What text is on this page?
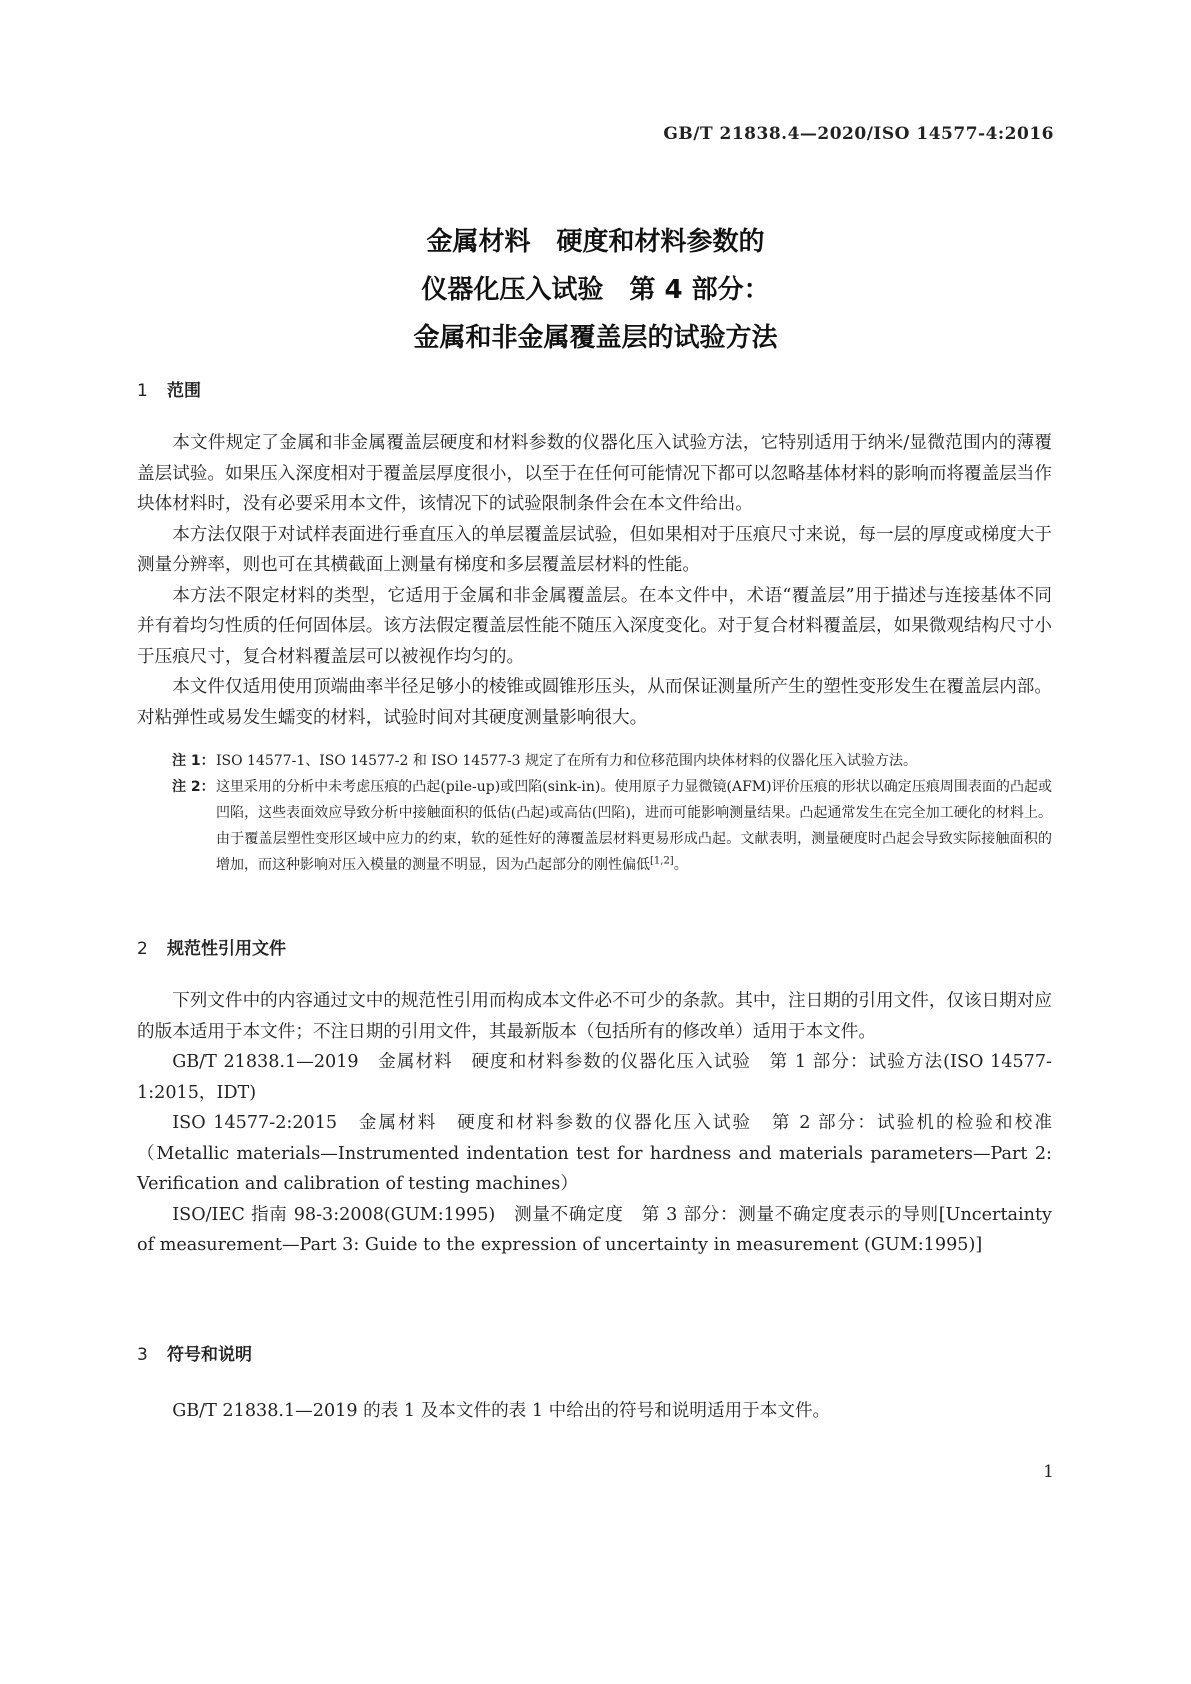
GB/T 21838.4—2020/ISO 14577-4:2016
金属材料　硬度和材料参数的
仪器化压入试验　第 4 部分：
金属和非金属覆盖层的试验方法
1 范围

本文件规定了金属和非金属覆盖层硬度和材料参数的仪器化压入试验方法，它特别适用于纳米/显微范围内的薄覆盖层试验。如果压入深度相对于覆盖层厚度很小，以至于在任何可能情况下都可以忽略基体材料的影响而将覆盖层当作块体材料时，没有必要采用本文件，该情况下的试验限制条件会在本文件给出。

本方法仅限于对试样表面进行垂直压入的单层覆盖层试验，但如果相对于压痕尺寸来说，每一层的厚度或梯度大于测量分辨率，则也可在其横截面上测量有梯度和多层覆盖层材料的性能。

本方法不限定材料的类型，它适用于金属和非金属覆盖层。在本文件中，术语“覆盖层”用于描述与连接基体不同并有着均匀性质的任何固体层。该方法假定覆盖层性能不随压入深度变化。对于复合材料覆盖层，如果微观结构尺寸小于压痕尺寸，复合材料覆盖层可以被视作均匀的。

本文件仅适用使用顶端曲率半径足够小的棱锥或圆锥形压头，从而保证测量所产生的塑性变形发生在覆盖层内部。对粘弹性或易发生蠕变的材料，试验时间对其硬度测量影响很大。

注 1： ISO 14577-1、ISO 14577-2 和 ISO 14577-3 规定了在所有力和位移范围内块体材料的仪器化压入试验方法。
注 2： 这里采用的分析中未考虑压痕的凸起(pile-up)或凹陷(sink-in)。使用原子力显微镜(AFM)评价压痕的形状以确定压痕周围表面的凸起或凹陷，这些表面效应导致分析中接触面积的低估(凸起)或高估(凹陷)，进而可能影响测量结果。凸起通常发生在完全加工硬化的材料上。由于覆盖层塑性变形区域中应力的约束，软的延性好的薄覆盖层材料更易形成凸起。文献表明，测量硬度时凸起会导致实际接触面积的增加，而这种影响对压入模量的测量不明显，因为凸起部分的刚性偏低[1,2]。
2 规范性引用文件

下列文件中的内容通过文中的规范性引用而构成本文件必不可少的条款。其中，注日期的引用文件，仅该日期对应的版本适用于本文件；不注日期的引用文件，其最新版本（包括所有的修改单）适用于本文件。

GB/T 21838.1—2019　金属材料　硬度和材料参数的仪器化压入试验　第 1 部分：试验方法(ISO 14577-1:2015，IDT)

ISO 14577-2:2015　金属材料　硬度和材料参数的仪器化压入试验　第 2 部分：试验机的检验和校准（Metallic materials—Instrumented indentation test for hardness and materials parameters—Part 2: Verification and calibration of testing machines）

ISO/IEC 指南 98-3:2008(GUM:1995)　测量不确定度　第 3 部分：测量不确定度表示的导则[Uncertainty of measurement—Part 3: Guide to the expression of uncertainty in measurement (GUM:1995)]

3 符号和说明

GB/T 21838.1—2019 的表 1 及本文件的表 1 中给出的符号和说明适用于本文件。

1
